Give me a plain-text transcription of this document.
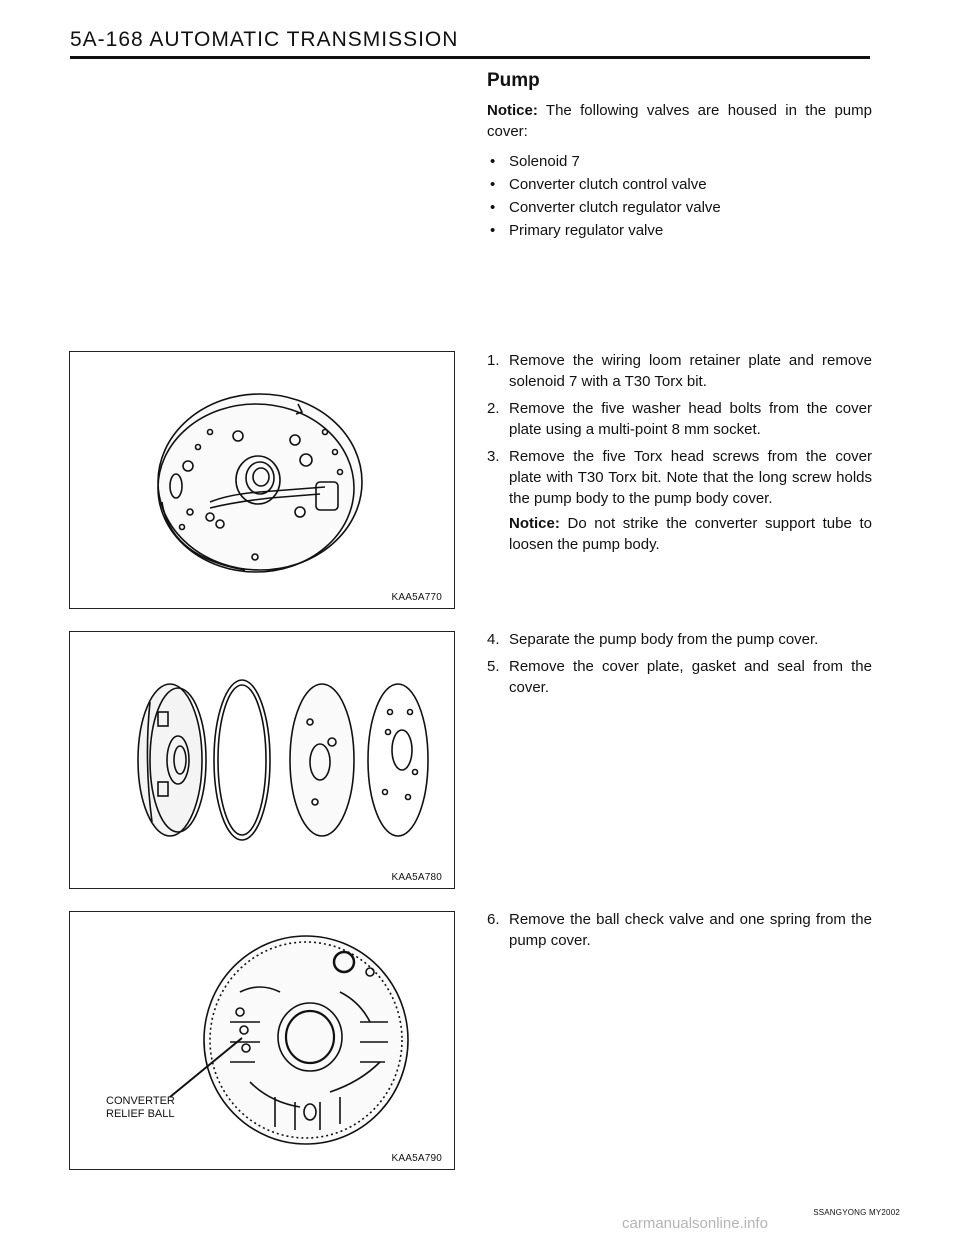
5A-168 AUTOMATIC TRANSMISSION
Pump
Notice: The following valves are housed in the pump cover:
• Solenoid 7
• Converter clutch control valve
• Converter clutch regulator valve
• Primary regulator valve
KAA5A770
1. Remove the wiring loom retainer plate and remove solenoid 7 with a T30 Torx bit.
2. Remove the five washer head bolts from the cover plate using a multi-point 8 mm socket.
3. Remove the five Torx head screws from the cover plate with T30 Torx bit. Note that the long screw holds the pump body to the pump body cover.
Notice: Do not strike the converter support tube to loosen the pump body.
KAA5A780
4. Separate the pump body from the pump cover.
5. Remove the cover plate, gasket and seal from the cover.
CONVERTER
RELIEF BALL
KAA5A790
6. Remove the ball check valve and one spring from the pump cover.
SSANGYONG MY2002
carmanualsonline.info
